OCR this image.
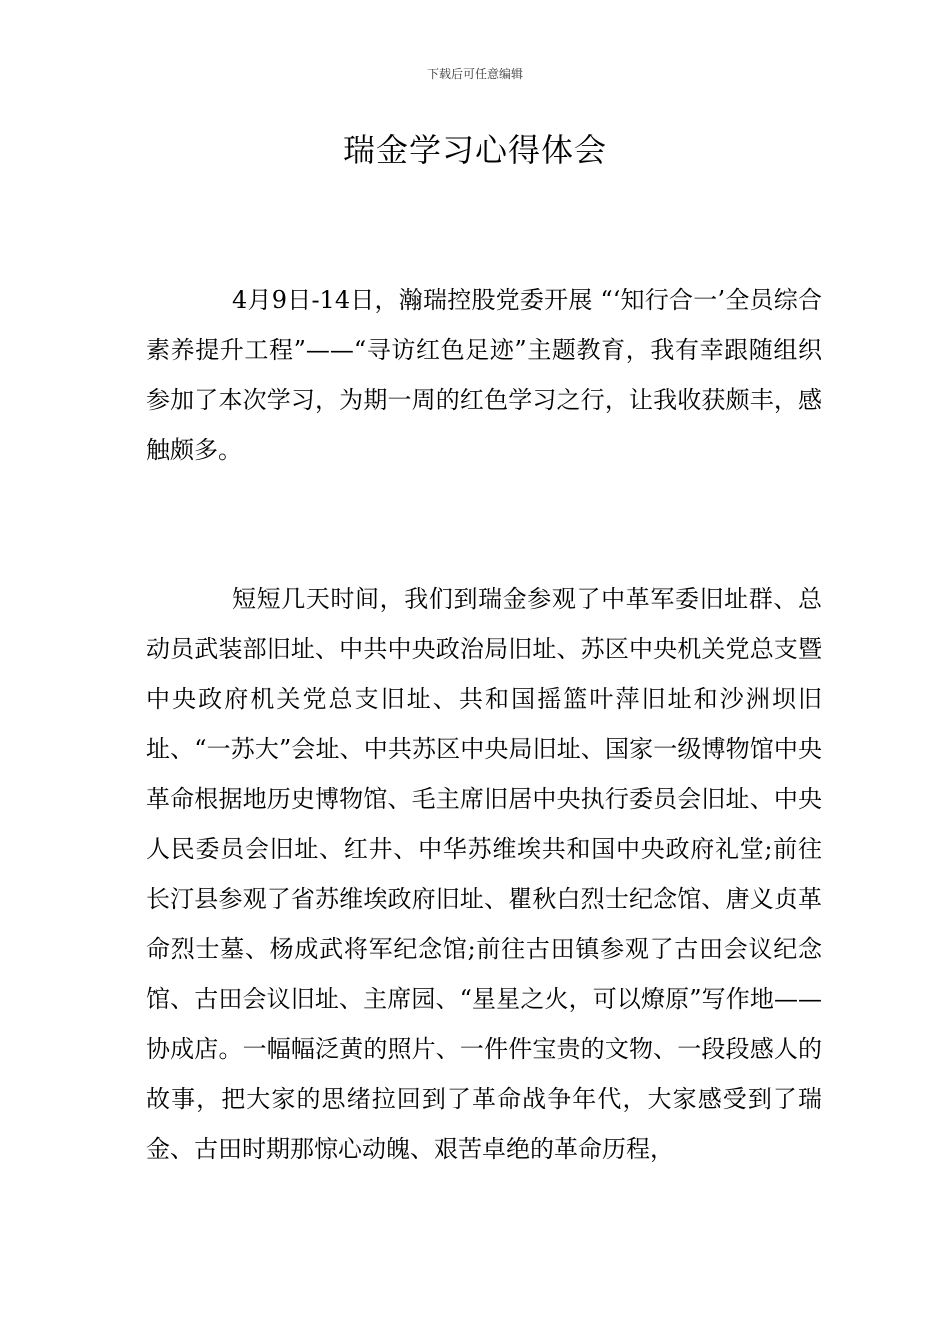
下载后可任意编辑
瑞金学习心得体会

4月9日-14日，瀚瑞控股党委开展 “‘知行合一’全员综合素养提升工程”——“寻访红色足迹”主题教育，我有幸跟随组织参加了本次学习，为期一周的红色学习之行，让我收获颇丰，感触颇多。

短短几天时间，我们到瑞金参观了中革军委旧址群、总动员武装部旧址、中共中央政治局旧址、苏区中央机关党总支暨中央政府机关党总支旧址、共和国摇篮叶萍旧址和沙洲坝旧址、“一苏大”会址、中共苏区中央局旧址、国家一级博物馆中央革命根据地历史博物馆、毛主席旧居中央执行委员会旧址、中央人民委员会旧址、红井、中华苏维埃共和国中央政府礼堂;前往长汀县参观了省苏维埃政府旧址、瞿秋白烈士纪念馆、唐义贞革命烈士墓、杨成武将军纪念馆;前往古田镇参观了古田会议纪念馆、古田会议旧址、主席园、“星星之火，可以燎原”写作地——协成店。一幅幅泛黄的照片、一件件宝贵的文物、一段段感人的故事，把大家的思绪拉回到了革命战争年代，大家感受到了瑞金、古田时期那惊心动魄、艰苦卓绝的革命历程，
